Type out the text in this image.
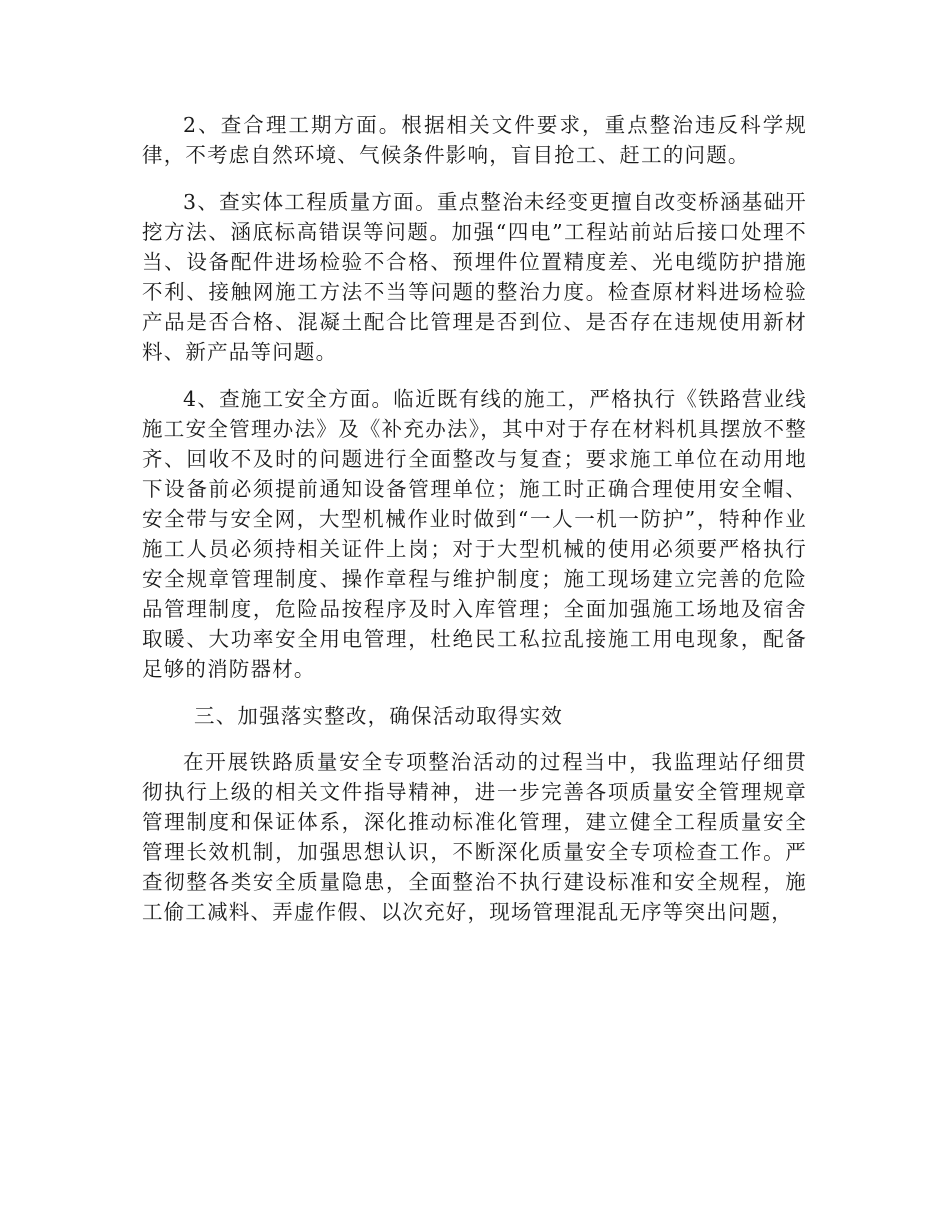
2、查合理工期方面。根据相关文件要求，重点整治违反科学规律，不考虑自然环境、气候条件影响，盲目抢工、赶工的问题。

3、查实体工程质量方面。重点整治未经变更擅自改变桥涵基础开挖方法、涵底标高错误等问题。加强“四电”工程站前站后接口处理不当、设备配件进场检验不合格、预埋件位置精度差、光电缆防护措施不利、接触网施工方法不当等问题的整治力度。检查原材料进场检验产品是否合格、混凝土配合比管理是否到位、是否存在违规使用新材料、新产品等问题。

4、查施工安全方面。临近既有线的施工，严格执行《铁路营业线施工安全管理办法》及《补充办法》，其中对于存在材料机具摆放不整齐、回收不及时的问题进行全面整改与复查；要求施工单位在动用地下设备前必须提前通知设备管理单位；施工时正确合理使用安全帽、安全带与安全网，大型机械作业时做到“一人一机一防护”，特种作业施工人员必须持相关证件上岗；对于大型机械的使用必须要严格执行安全规章管理制度、操作章程与维护制度；施工现场建立完善的危险品管理制度，危险品按程序及时入库管理；全面加强施工场地及宿舍取暖、大功率安全用电管理，杜绝民工私拉乱接施工用电现象，配备足够的消防器材。

三、加强落实整改，确保活动取得实效

在开展铁路质量安全专项整治活动的过程当中，我监理站仔细贯彻执行上级的相关文件指导精神，进一步完善各项质量安全管理规章管理制度和保证体系，深化推动标准化管理，建立健全工程质量安全管理长效机制，加强思想认识，不断深化质量安全专项检查工作。严查彻整各类安全质量隐患，全面整治不执行建设标准和安全规程，施工偷工减料、弄虚作假、以次充好，现场管理混乱无序等突出问题，
